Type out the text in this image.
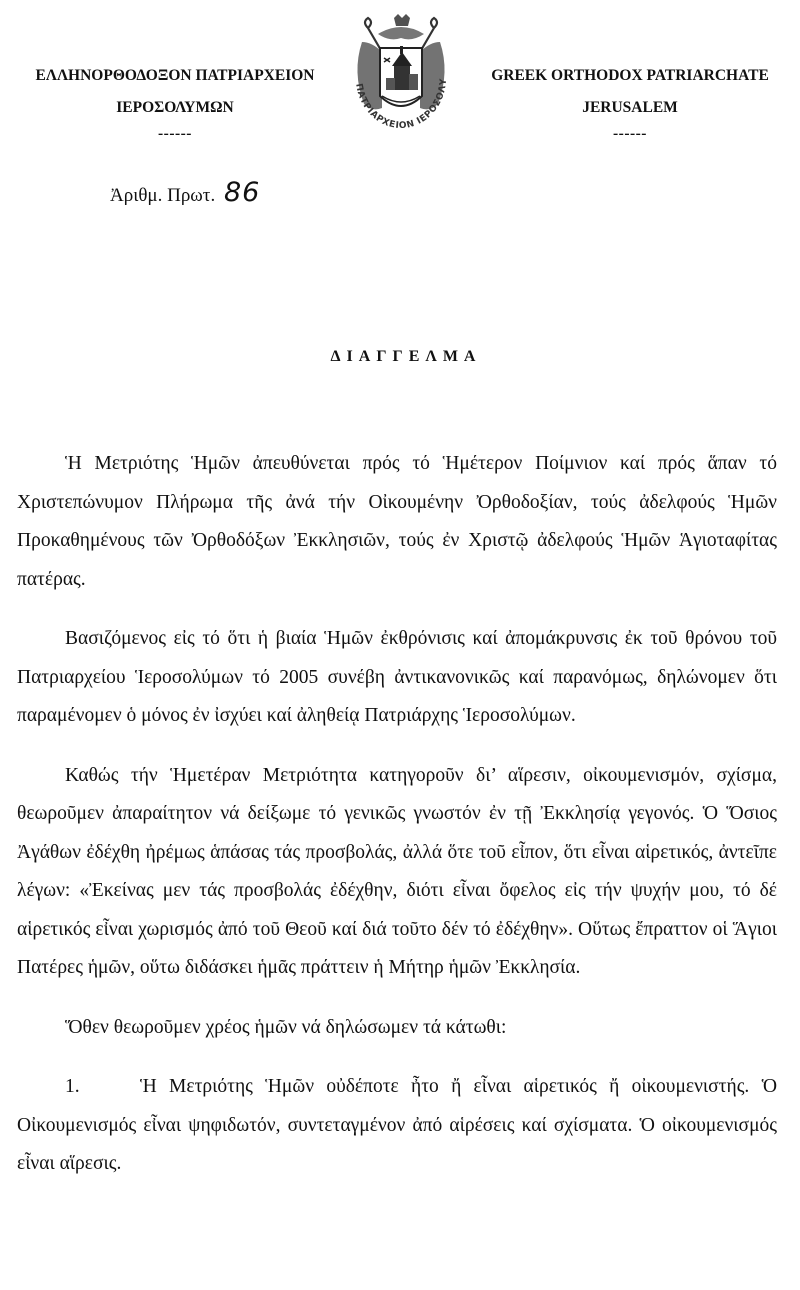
ΕΛΛΗΝΟΡΘΟΔΟΞΟΝ ΠΑΤΡΙΑΡΧΕΙΟΝ
ΙΕΡΟΣΟΛΥΜΩΝ
------
ΠΑΤΡΙΑΡΧΕΙΟΝ ΙΕΡΟΣΟΛΥ	GREEK ORTHODOX PATRIARCHATE
JERUSALEM
------
Ἀριθμ. Πρωτ. 86
ΔΙΑΓΓΕΛΜΑ

Ἡ Μετριότης Ἡμῶν ἀπευθύνεται πρός τό Ἡμέτερον Ποίμνιον καί πρός ἅπαν τό Χριστεπώνυμον Πλήρωμα τῆς ἀνά τήν Οἰκουμένην Ὀρθοδοξίαν, τούς ἀδελφούς Ἡμῶν Προκαθημένους τῶν Ὀρθοδόξων Ἐκκλησιῶν, τούς ἐν Χριστῷ ἀδελφούς Ἡμῶν Ἁγιοταφίτας πατέρας.

Βασιζόμενος εἰς τό ὅτι ἡ βιαία Ἡμῶν ἐκθρόνισις καί ἀπομάκρυνσις ἐκ τοῦ θρόνου τοῦ Πατριαρχείου Ἱεροσολύμων τό 2005 συνέβη ἀντικανονικῶς καί παρανόμως, δηλώνομεν ὅτι παραμένομεν ὁ μόνος ἐν ἰσχύει καί ἀληθείᾳ Πατριάρχης Ἱεροσολύμων.

Καθώς τήν Ἡμετέραν Μετριότητα κατηγοροῦν δι’ αἵρεσιν, οἰκουμενισμόν, σχίσμα, θεωροῦμεν ἀπαραίτητον νά δείξωμε τό γενικῶς γνωστόν ἐν τῇ Ἐκκλησίᾳ γεγονός. Ὁ Ὅσιος Ἀγάθων ἐδέχθη ἠρέμως ἁπάσας τάς προσβολάς, ἀλλά ὅτε τοῦ εἶπον, ὅτι εἶναι αἱρετικός, ἀντεῖπε λέγων: «Ἐκείνας μεν τάς προσβολάς ἐδέχθην, διότι εἶναι ὄφελος εἰς τήν ψυχήν μου, τό δέ αἱρετικός εἶναι χωρισμός ἀπό τοῦ Θεοῦ καί διά τοῦτο δέν τό ἐδέχθην». Οὕτως ἔπραττον οἱ Ἅγιοι Πατέρες ἡμῶν, οὕτω διδάσκει ἡμᾶς πράττειν ἡ Μήτηρ ἡμῶν Ἐκκλησία.

Ὅθεν θεωροῦμεν χρέος ἡμῶν νά δηλώσωμεν τά κάτωθι:

1.	Ἡ Μετριότης Ἡμῶν οὐδέποτε ἦτο ἤ εἶναι αἱρετικός ἤ οἰκουμενιστής. Ὁ Οἰκουμενισμός εἶναι ψηφιδωτόν, συντεταγμένον ἀπό αἱρέσεις καί σχίσματα. Ὁ οἰκουμενισμός εἶναι αἵρεσις.
